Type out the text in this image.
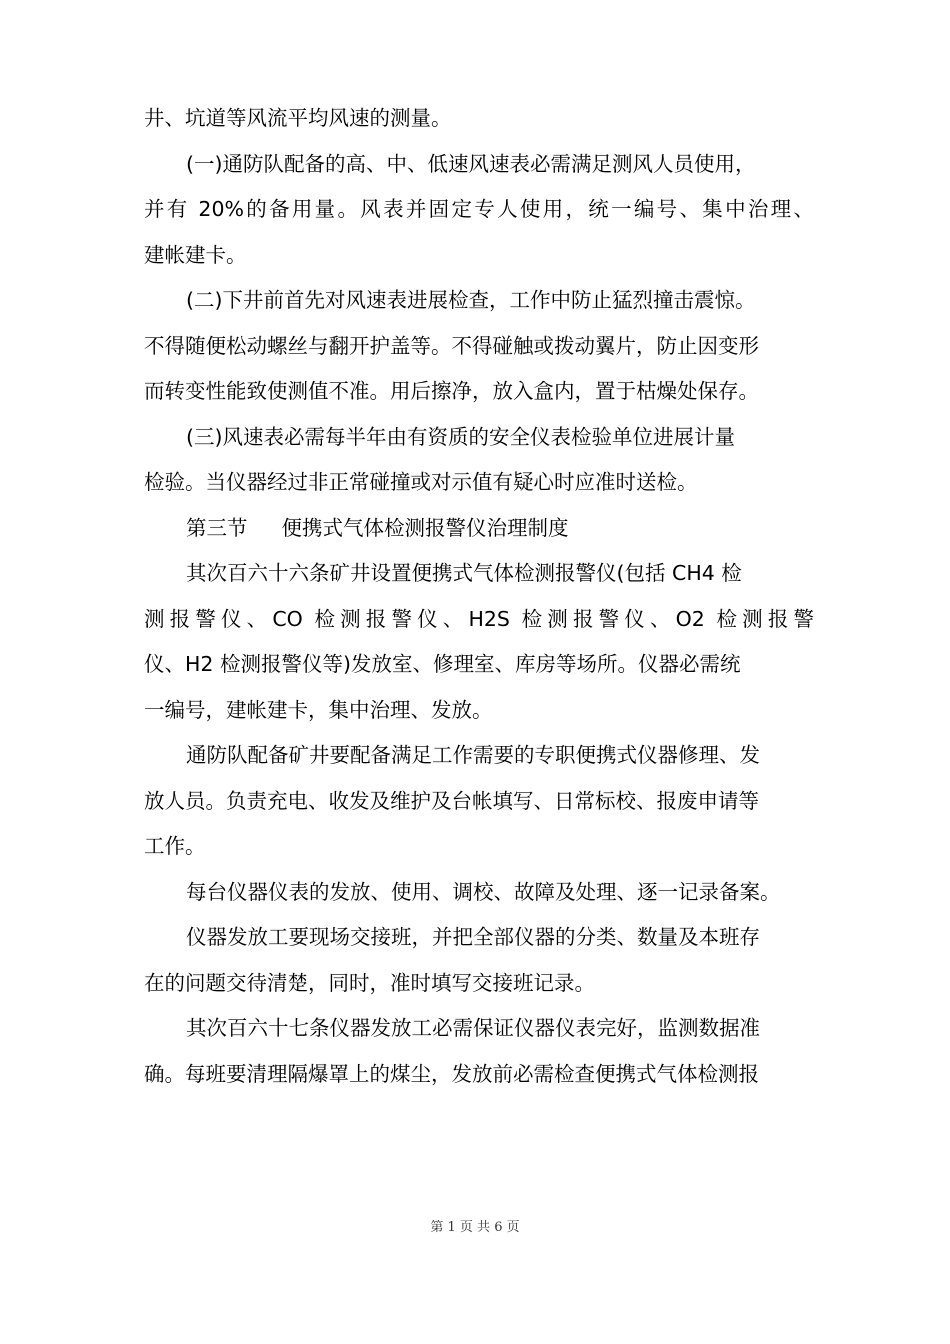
井、坑道等风流平均风速的测量。
(一)通防队配备的高、中、低速风速表必需满足测风人员使用，
并有 20%的备用量。风表并固定专人使用，统一编号、集中治理、
建帐建卡。
(二)下井前首先对风速表进展检查，工作中防止猛烈撞击震惊。
不得随便松动螺丝与翻开护盖等。不得碰触或拨动翼片，防止因变形
而转变性能致使测值不准。用后擦净，放入盒内，置于枯燥处保存。
(三)风速表必需每半年由有资质的安全仪表检验单位进展计量
检验。当仪器经过非正常碰撞或对示值有疑心时应准时送检。
第三节 便携式气体检测报警仪治理制度
其次百六十六条矿井设置便携式气体检测报警仪(包括 CH4 检
测报警仪、CO 检测报警仪、H2S 检测报警仪、O2 检测报警
仪、H2 检测报警仪等)发放室、修理室、库房等场所。仪器必需统
一编号，建帐建卡，集中治理、发放。
通防队配备矿井要配备满足工作需要的专职便携式仪器修理、发
放人员。负责充电、收发及维护及台帐填写、日常标校、报废申请等
工作。
每台仪器仪表的发放、使用、调校、故障及处理、逐一记录备案。
仪器发放工要现场交接班，并把全部仪器的分类、数量及本班存
在的问题交待清楚，同时，准时填写交接班记录。
其次百六十七条仪器发放工必需保证仪器仪表完好，监测数据准
确。每班要清理隔爆罩上的煤尘，发放前必需检查便携式气体检测报
第 1 页 共 6 页
